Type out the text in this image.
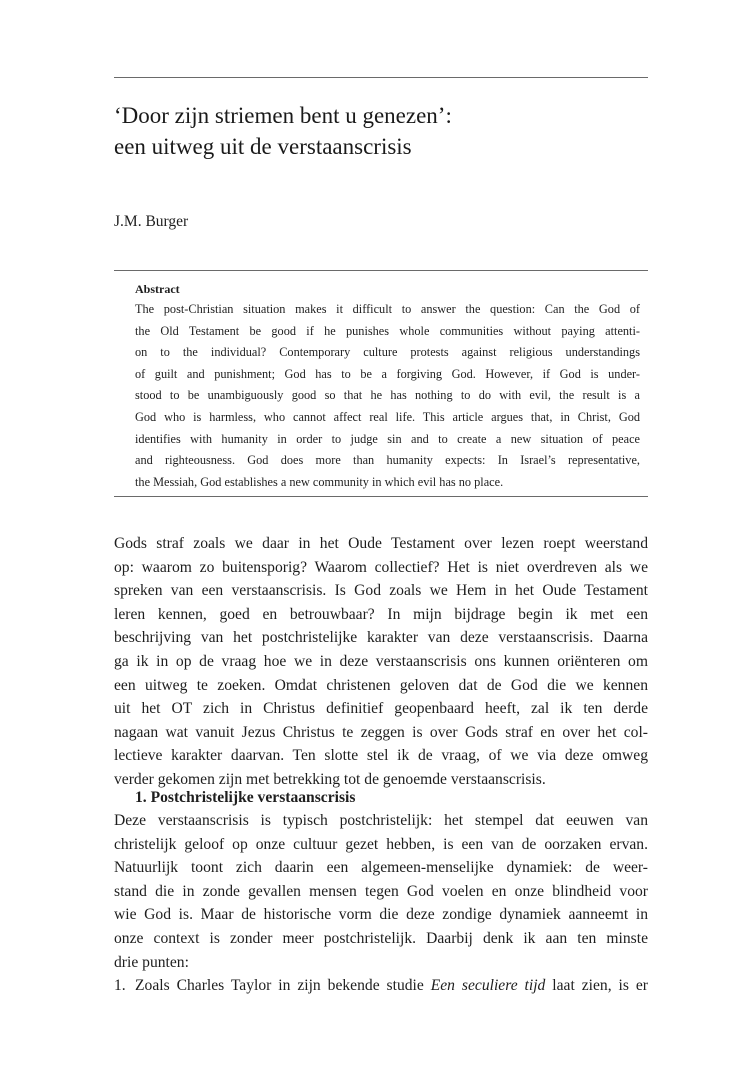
‘Door zijn striemen bent u genezen’:
een uitweg uit de verstaanscrisis
J.M. Burger
Abstract
The post-Christian situation makes it difficult to answer the question: Can the God of
the Old Testament be good if he punishes whole communities without paying attenti-
on to the individual? Contemporary culture protests against religious understandings
of guilt and punishment; God has to be a forgiving God. However, if God is under-
stood to be unambiguously good so that he has nothing to do with evil, the result is a
God who is harmless, who cannot affect real life. This article argues that, in Christ, God
identifies with humanity in order to judge sin and to create a new situation of peace
and righteousness. God does more than humanity expects: In Israel’s representative,
the Messiah, God establishes a new community in which evil has no place.
Gods straf zoals we daar in het Oude Testament over lezen roept weerstand
op: waarom zo buitensporig? Waarom collectief? Het is niet overdreven als we
spreken van een verstaanscrisis. Is God zoals we Hem in het Oude Testament
leren kennen, goed en betrouwbaar? In mijn bijdrage begin ik met een
beschrijving van het postchristelijke karakter van deze verstaanscrisis. Daarna
ga ik in op de vraag hoe we in deze verstaanscrisis ons kunnen oriënteren om
een uitweg te zoeken. Omdat christenen geloven dat de God die we kennen
uit het OT zich in Christus definitief geopenbaard heeft, zal ik ten derde
nagaan wat vanuit Jezus Christus te zeggen is over Gods straf en over het col-
lectieve karakter daarvan. Ten slotte stel ik de vraag, of we via deze omweg
verder gekomen zijn met betrekking tot de genoemde verstaanscrisis.
1. Postchristelijke verstaanscrisis
Deze verstaanscrisis is typisch postchristelijk: het stempel dat eeuwen van
christelijk geloof op onze cultuur gezet hebben, is een van de oorzaken ervan.
Natuurlijk toont zich daarin een algemeen-menselijke dynamiek: de weer-
stand die in zonde gevallen mensen tegen God voelen en onze blindheid voor
wie God is. Maar de historische vorm die deze zondige dynamiek aanneemt in
onze context is zonder meer postchristelijk. Daarbij denk ik aan ten minste
drie punten:
1. Zoals Charles Taylor in zijn bekende studie Een seculiere tijd laat zien, is er
